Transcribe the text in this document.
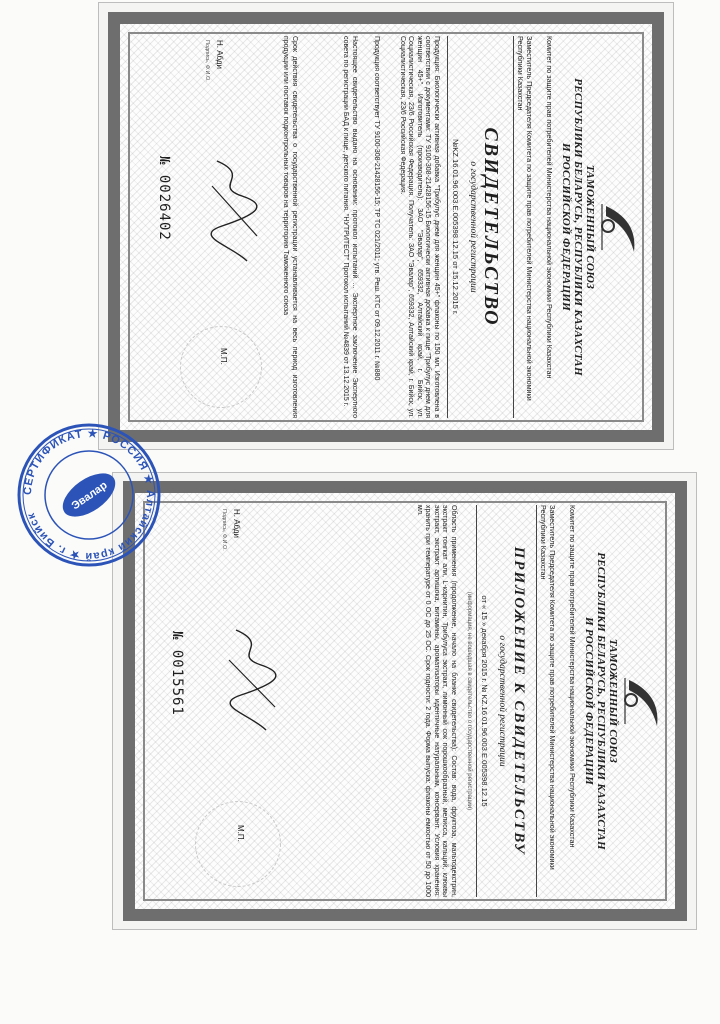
ТАМОЖЕННЫЙ СОЮЗ
РЕСПУБЛИКИ БЕЛАРУСЬ, РЕСПУБЛИКИ КАЗАХСТАН
И РОССИЙСКОЙ ФЕДЕРАЦИИ
Комитет по защите прав потребителей Министерства национальной экономики Республики Казахстан
Заместитель Председателя Комитета по защите прав потребителей Министерства национальной экономики Республики Казахстан
СВИДЕТЕЛЬСТВО
о государственной регистрации
№KZ.16.01.96.003.Е.005398.12.15 от 15.12.2015 г.
Продукция: Биологически активная добавка "Трибулус днем для женщин 45+" флаконы по 150 мл. Изготовлена в соответствии с документами: ТУ 9100-308-21428156-15 Биологически активная добавка к пище "Трибулус днем для женщин 45+". Изготовитель (производитель): ЗАО "Эвалар", 659332, Алтайский край, г. Бийск, ул. Социалистическая, 23/6 Российская Федерация. Получатель: ЗАО "Эвалар", 659332, Алтайский край, г. Бийск, ул. Социалистическая, 23/6 Российская Федерация.
Продукция соответствует ТУ 9100-308-21428156-15; ТР ТС 021/2011; утв. Реш. КТС от 09.12.2011 г. №880
Настоящее свидетельство выдано на основании: протокол испытаний ... Экспертное заключение Экспертного совета по регистрации БАД к пище, детского питания. "НУТРИТЕСТ" Протокол испытаний №4839 от 13.12.2015 г.
Срок действия свидетельства о государственной регистрации устанавливается на весь период изготовления продукции или поставок подконтрольных товаров на территорию Таможенного союза
М.П.
Н. Абди
Подпись, Ф.И.О.
№ 0026402
ТАМОЖЕННЫЙ СОЮЗ
РЕСПУБЛИКИ БЕЛАРУСЬ, РЕСПУБЛИКИ КАЗАХСТАН
И РОССИЙСКОЙ ФЕДЕРАЦИИ
Комитет по защите прав потребителей Министерства национальной экономики Республики Казахстан
Заместитель Председателя Комитета по защите прав потребителей Министерства национальной экономики Республики Казахстан
ПРИЛОЖЕНИЕ К СВИДЕТЕЛЬСТВУ
о государственной регистрации
от « 15 » декабря 2015 г. № KZ.16.01.96.003.Е.005398.12.15
(информация, не вошедшая в свидетельство о государственной регистрации)
Область применения (продолжение, начало на бланке свидетельства): Состав: вода, фруктоза, мальтодекстрин, экстракт тонгкат али, L-карнитин, Трибулуса экстракт, лимонный сок порошкообразный, мелисса, кальций, клюквы экстракт, экстракт артишока, витамины, ароматизаторы идентичные натуральным, консервант. Условия хранения: хранить при температуре от 0 ОС до 25 ОС. Срок годности: 2 года. Форма выпуска: флаконы емкостью от 50 до 1000 мл.
М.П.
Н. Абди
Подпись, Ф.И.О.
№ 0015561
СЕРТИФИКАТ ★ РОССИЯ ★ Алтайский край ★ г. Бийск
Эвалар
